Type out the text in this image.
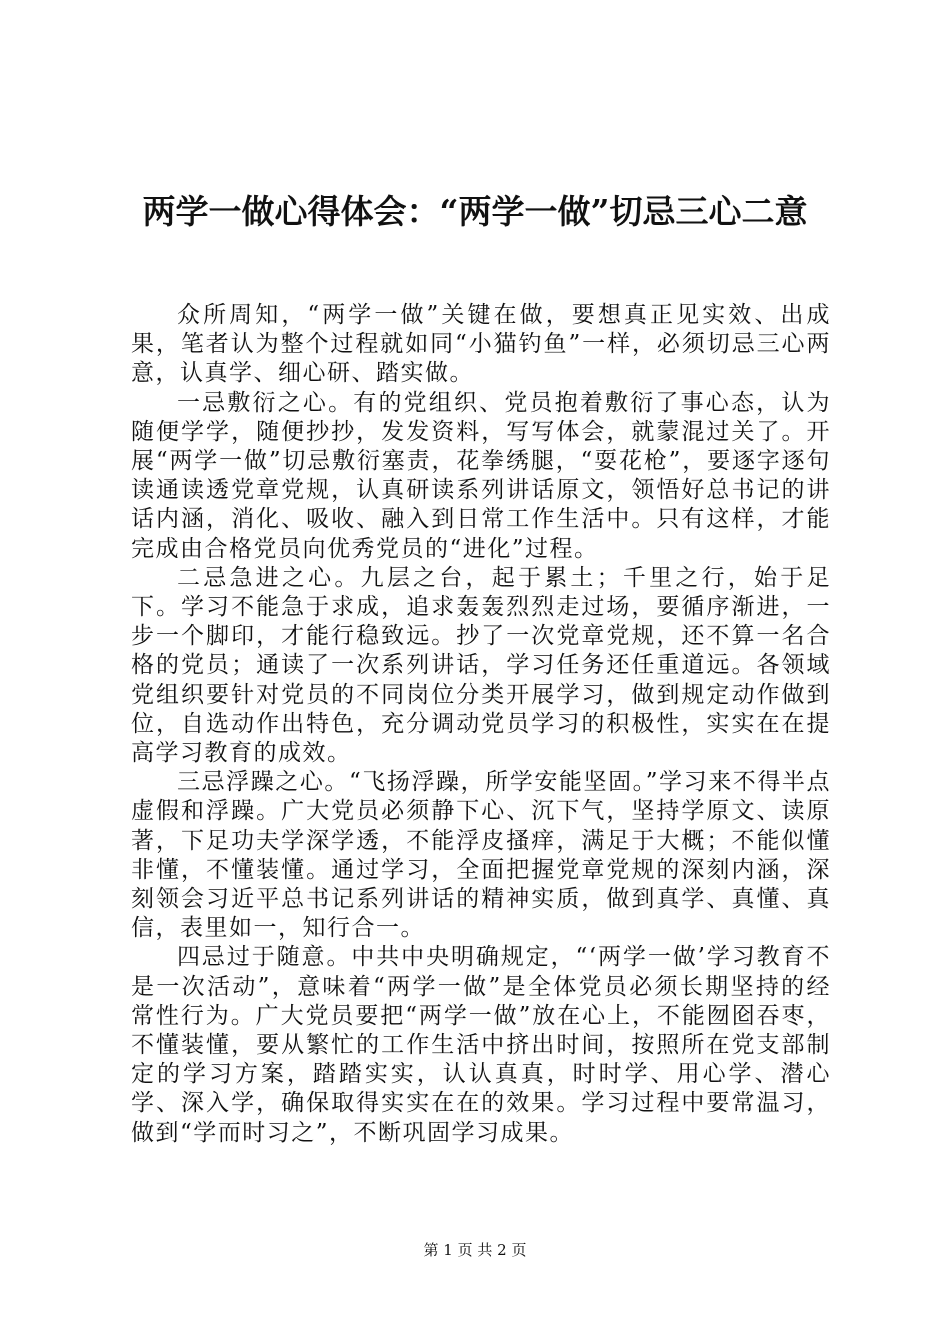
两学一做心得体会：“两学一做”切忌三心二意

众所周知，“两学一做”关键在做，要想真正见实效、出成果，笔者认为整个过程就如同“小猫钓鱼”一样，必须切忌三心两意，认真学、细心研、踏实做。

一忌敷衍之心。有的党组织、党员抱着敷衍了事心态，认为随便学学，随便抄抄，发发资料，写写体会，就蒙混过关了。开展“两学一做”切忌敷衍塞责，花拳绣腿，“耍花枪”，要逐字逐句读通读透党章党规，认真研读系列讲话原文，领悟好总书记的讲话内涵，消化、吸收、融入到日常工作生活中。只有这样，才能完成由合格党员向优秀党员的“进化”过程。

二忌急进之心。九层之台，起于累土；千里之行，始于足下。学习不能急于求成，追求轰轰烈烈走过场，要循序渐进，一步一个脚印，才能行稳致远。抄了一次党章党规，还不算一名合格的党员；通读了一次系列讲话，学习任务还任重道远。各领域党组织要针对党员的不同岗位分类开展学习，做到规定动作做到位，自选动作出特色，充分调动党员学习的积极性，实实在在提高学习教育的成效。

三忌浮躁之心。“飞扬浮躁，所学安能坚固。”学习来不得半点虚假和浮躁。广大党员必须静下心、沉下气，坚持学原文、读原著，下足功夫学深学透，不能浮皮搔痒，满足于大概；不能似懂非懂，不懂装懂。通过学习，全面把握党章党规的深刻内涵，深刻领会习近平总书记系列讲话的精神实质，做到真学、真懂、真信，表里如一，知行合一。

四忌过于随意。中共中央明确规定，“‘两学一做’学习教育不是一次活动”，意味着“两学一做”是全体党员必须长期坚持的经常性行为。广大党员要把“两学一做”放在心上，不能囫囵吞枣，不懂装懂，要从繁忙的工作生活中挤出时间，按照所在党支部制定的学习方案，踏踏实实，认认真真，时时学、用心学、潜心学、深入学，确保取得实实在在的效果。学习过程中要常温习，做到“学而时习之”，不断巩固学习成果。

第 1 页 共 2 页
